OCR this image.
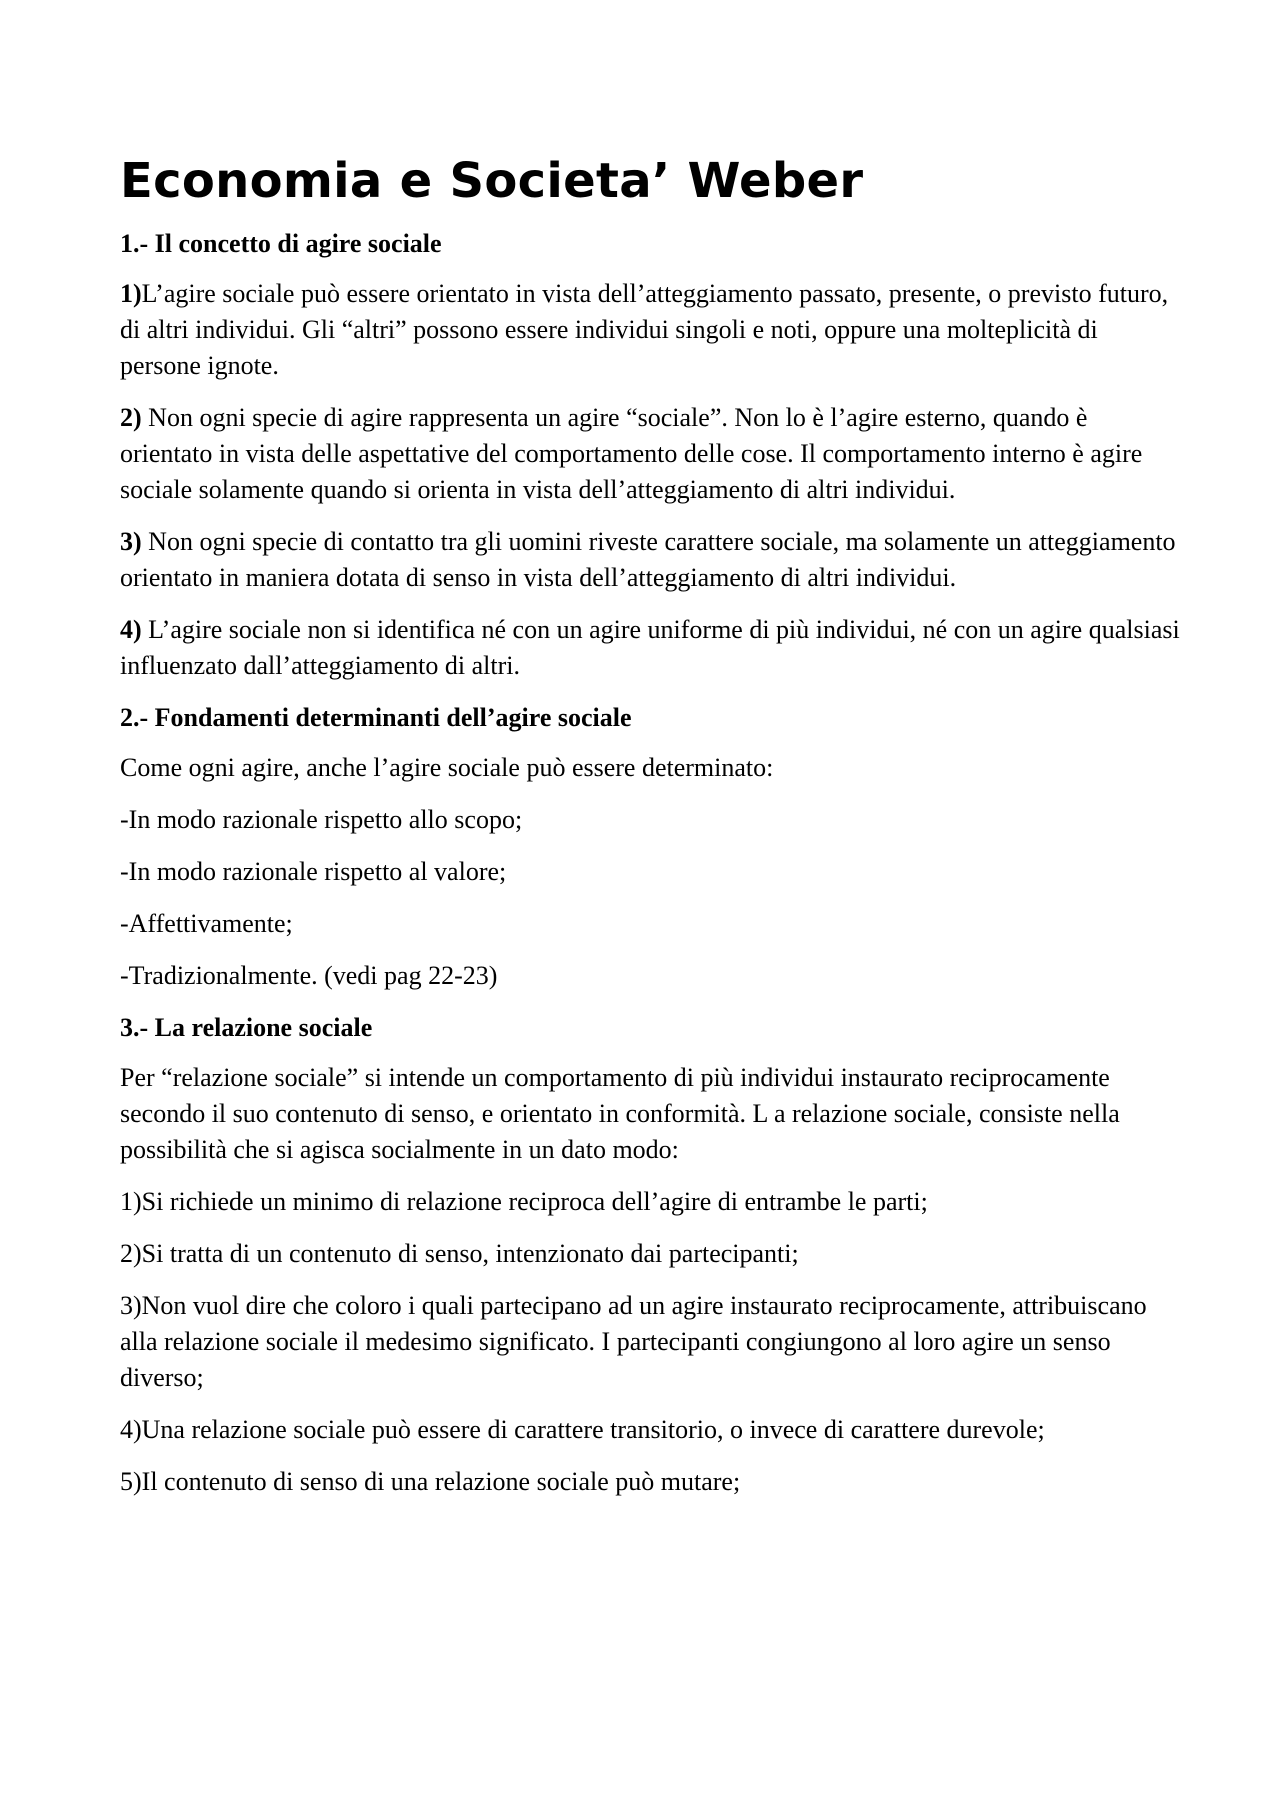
Economia e Societa’ Weber
1.- Il concetto di agire sociale

1)L’agire sociale può essere orientato in vista dell’atteggiamento passato, presente, o previsto futuro, di altri individui. Gli “altri” possono essere individui singoli e noti, oppure una molteplicità di persone ignote.

2) Non ogni specie di agire rappresenta un agire “sociale”. Non lo è l’agire esterno, quando è orientato in vista delle aspettative del comportamento delle cose. Il comportamento interno è agire sociale solamente quando si orienta in vista dell’atteggiamento di altri individui.

3) Non ogni specie di contatto tra gli uomini riveste carattere sociale, ma solamente un atteggiamento orientato in maniera dotata di senso in vista dell’atteggiamento di altri individui.

4) L’agire sociale non si identifica né con un agire uniforme di più individui, né con un agire qualsiasi influenzato dall’atteggiamento di altri.

2.- Fondamenti determinanti dell’agire sociale

Come ogni agire, anche l’agire sociale può essere determinato:

-In modo razionale rispetto allo scopo;

-In modo razionale rispetto al valore;

-Affettivamente;

-Tradizionalmente. (vedi pag 22-23)

3.- La relazione sociale

Per “relazione sociale” si intende un comportamento di più individui instaurato reciprocamente secondo il suo contenuto di senso, e orientato in conformità. L a relazione sociale, consiste nella possibilità che si agisca socialmente in un dato modo:

1)Si richiede un minimo di relazione reciproca dell’agire di entrambe le parti;

2)Si tratta di un contenuto di senso, intenzionato dai partecipanti;

3)Non vuol dire che coloro i quali partecipano ad un agire instaurato reciprocamente, attribuiscano alla relazione sociale il medesimo significato. I partecipanti congiungono al loro agire un senso diverso;

4)Una relazione sociale può essere di carattere transitorio, o invece di carattere durevole;

5)Il contenuto di senso di una relazione sociale può mutare;
